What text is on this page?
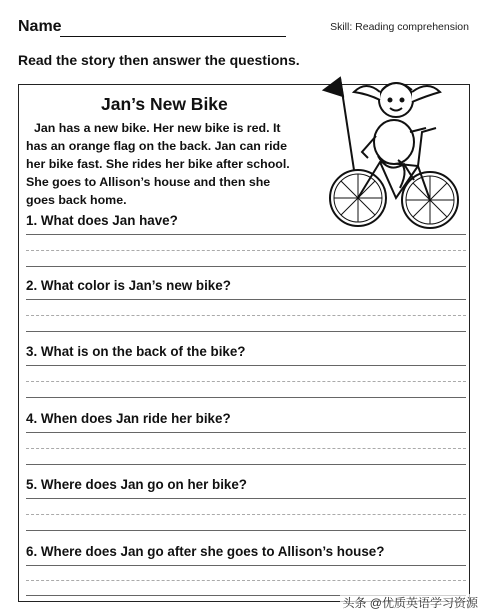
Name	Skill: Reading comprehension
Read the story then answer the questions.
Jan’s New Bike
Jan has a new bike. Her new bike is red. It
has an orange flag on the back. Jan can ride
her bike fast. She rides her bike after school.
She goes to Allison’s house and then she
goes back home.
1. What does Jan have?
2. What color is Jan’s new bike?
3. What is on the back of the bike?
4. When does Jan ride her bike?
5. Where does Jan go on her bike?
6. Where does Jan go after she goes to Allison’s house?
头条 @优质英语学习资源
